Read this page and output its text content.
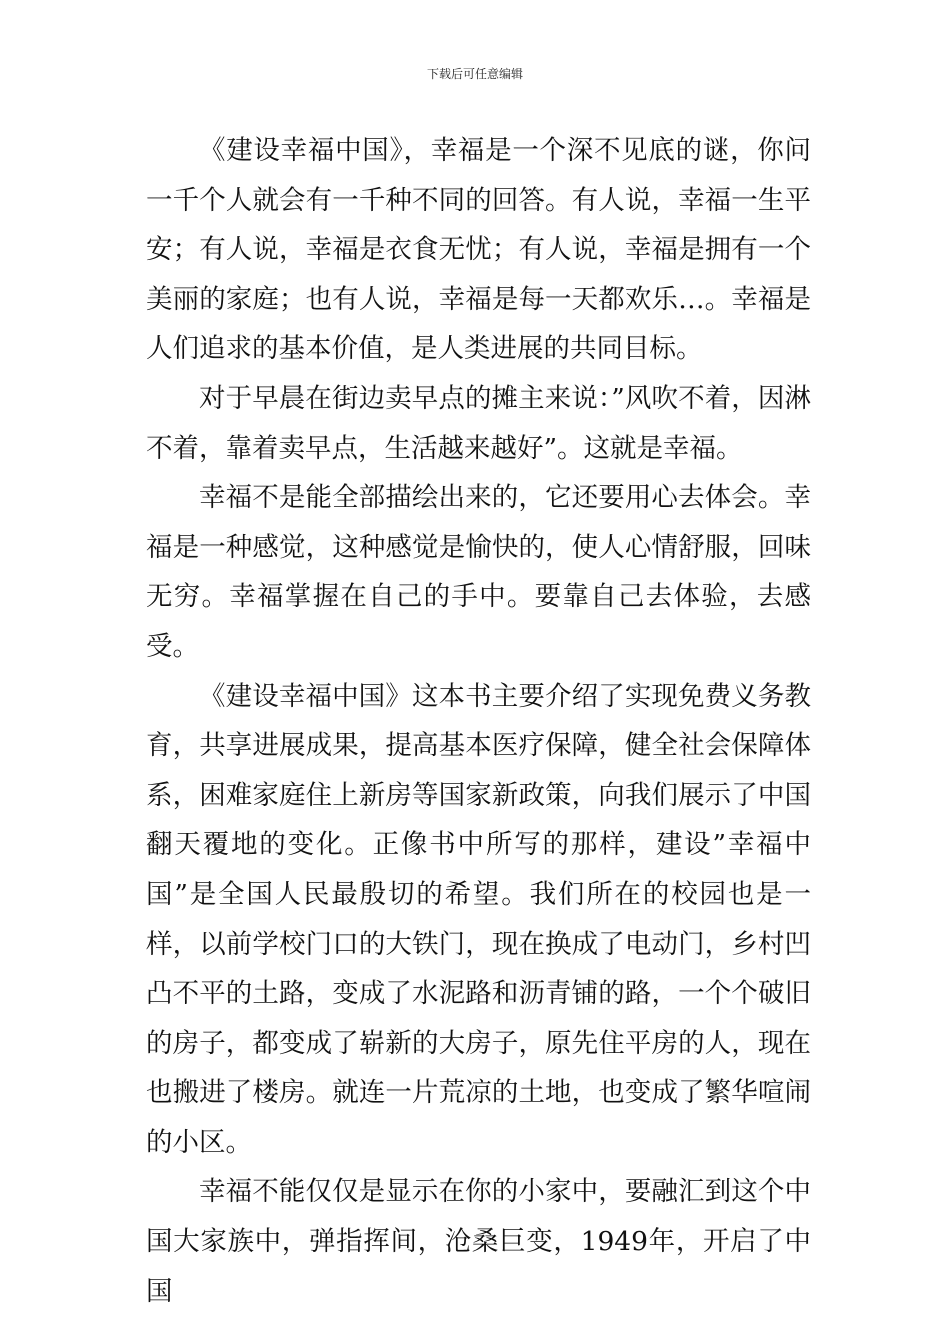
下载后可任意编辑

《建设幸福中国》，幸福是一个深不见底的谜，你问一千个人就会有一千种不同的回答。有人说，幸福一生平安；有人说，幸福是衣食无忧；有人说，幸福是拥有一个美丽的家庭；也有人说，幸福是每一天都欢乐…。幸福是人们追求的基本价值，是人类进展的共同目标。

对于早晨在街边卖早点的摊主来说：”风吹不着，因淋不着，靠着卖早点，生活越来越好”。这就是幸福。

幸福不是能全部描绘出来的，它还要用心去体会。幸福是一种感觉，这种感觉是愉快的，使人心情舒服，回味无穷。幸福掌握在自己的手中。要靠自己去体验，去感受。

《建设幸福中国》这本书主要介绍了实现免费义务教育，共享进展成果，提高基本医疗保障，健全社会保障体系，困难家庭住上新房等国家新政策，向我们展示了中国翻天覆地的变化。正像书中所写的那样，建设”幸福中国”是全国人民最殷切的希望。我们所在的校园也是一样，以前学校门口的大铁门，现在换成了电动门，乡村凹凸不平的土路，变成了水泥路和沥青铺的路，一个个破旧的房子，都变成了崭新的大房子，原先住平房的人，现在也搬进了楼房。就连一片荒凉的土地，也变成了繁华喧闹的小区。

幸福不能仅仅是显示在你的小家中，要融汇到这个中国大家族中，弹指挥间，沧桑巨变，1949年，开启了中国
